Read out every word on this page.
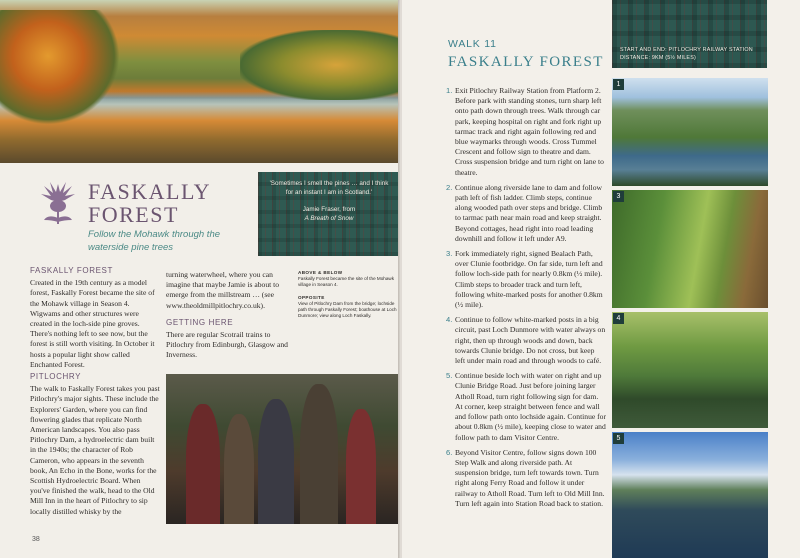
FASKALLY FOREST
Follow the Mohawk through the waterside pine trees
'Sometimes I smell the pines … and I think for an instant I am in Scotland.'
Jamie Fraser, from
A Breath of Snow
FASKALLY FOREST
Created in the 19th century as a model forest, Faskally Forest became the site of the Mohawk village in Season 4. Wigwams and other structures were created in the loch-side pine groves. There's nothing left to see now, but the forest is still worth visiting. In October it hosts a popular light show called Enchanted Forest.
PITLOCHRY
The walk to Faskally Forest takes you past Pitlochry's major sights. These include the Explorers' Garden, where you can find flowering glades that replicate North American landscapes. You also pass Pitlochry Dam, a hydroelectric dam built in the 1940s; the character of Rob Cameron, who appears in the seventh book, An Echo in the Bone, works for the Scottish Hydroelectric Board. When you've finished the walk, head to the Old Mill Inn in the heart of Pitlochry to sip locally distilled whisky by the
turning waterwheel, where you can imagine that maybe Jamie is about to emerge from the millstream … (see www.theoldmillpitlochry.co.uk).
GETTING HERE
There are regular Scotrail trains to Pitlochry from Edinburgh, Glasgow and Inverness.
ABOVE & BELOW
Faskally Forest became the site of the Mohawk village in Season 4.
OPPOSITE
View of Pitlochry Dam from the bridge; lochside path through Faskally Forest; boathouse at Loch Dunmore; view along Loch Faskally.
38
WALK 11
FASKALLY FOREST
START AND END: PITLOCHRY RAILWAY STATION
DISTANCE: 9KM (5½ MILES)
1. Exit Pitlochry Railway Station from Platform 2. Before park with standing stones, turn sharp left onto path down through trees. Walk through car park, keeping hospital on right and fork right up tarmac track and right again following red and blue waymarks through woods. Cross Tummel Crescent and follow sign to theatre and dam. Cross suspension bridge and turn right on lane to theatre.
2. Continue along riverside lane to dam and follow path left of fish ladder. Climb steps, continue along wooded path over steps and bridge. Climb to tarmac path near main road and keep straight. Beyond cottages, head right into road leading downhill and follow it left under A9.
3. Fork immediately right, signed Bealach Path, over Clunie footbridge. On far side, turn left and follow loch-side path for nearly 0.8km (½ mile). Climb steps to broader track and turn left, following white-marked posts for another 0.8km (½ mile).
4. Continue to follow white-marked posts in a big circuit, past Loch Dunmore with water always on right, then up through woods and down, back towards Clunie bridge. Do not cross, but keep left under main road and through woods to café.
5. Continue beside loch with water on right and up Clunie Bridge Road. Just before joining larger Atholl Road, turn right following sign for dam. At corner, keep straight between fence and wall and follow path onto lochside again. Continue for about 0.8km (½ mile), keeping close to water and follow path to dam Visitor Centre.
6. Beyond Visitor Centre, follow signs down 100 Step Walk and along riverside path. At suspension bridge, turn left towards town. Turn right along Ferry Road and follow it under railway to Atholl Road. Turn left to Old Mill Inn. Turn left again into Station Road back to station.
1
3
4
5
